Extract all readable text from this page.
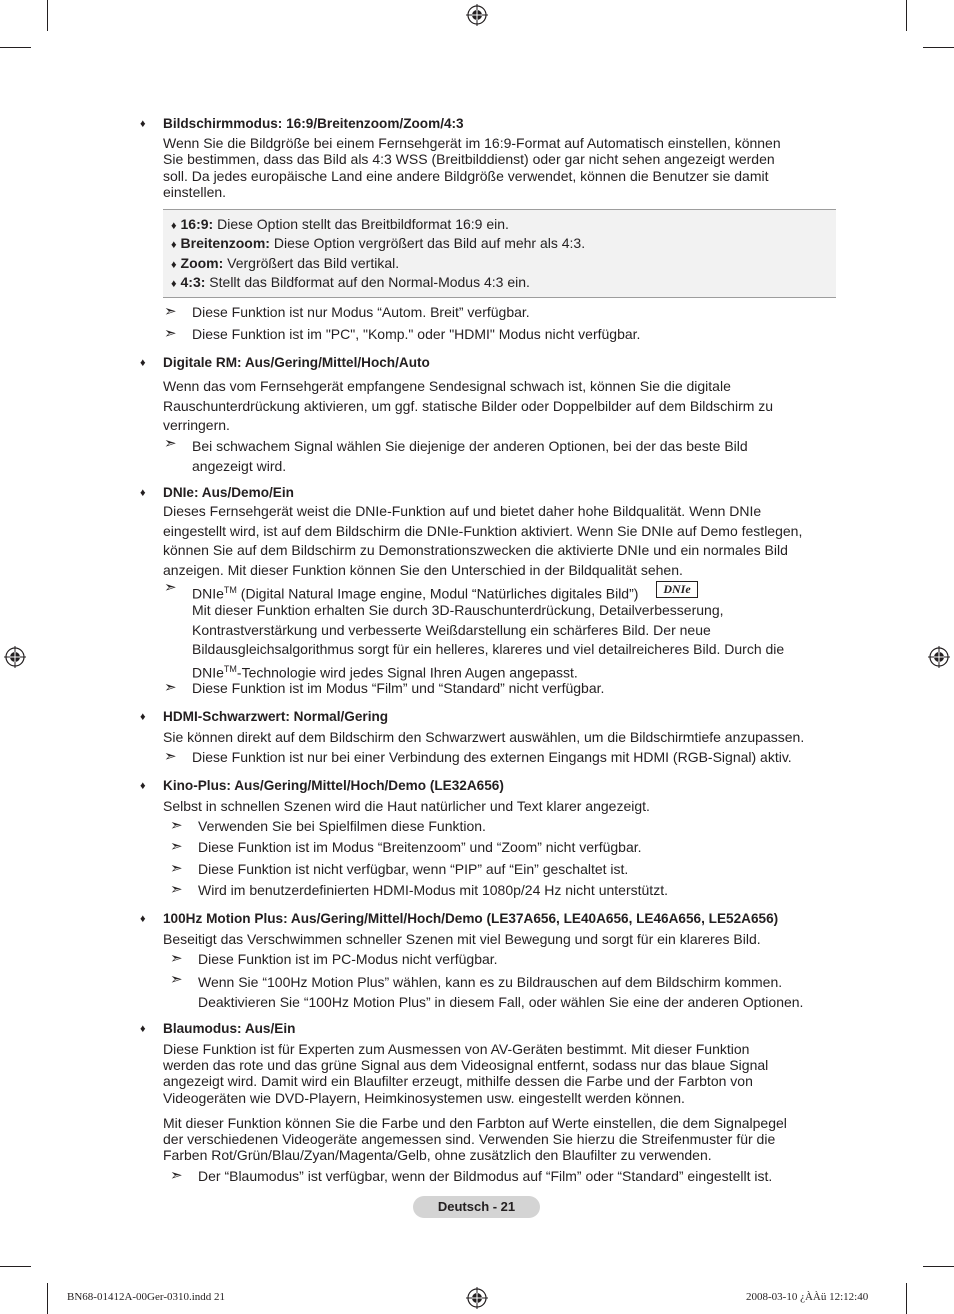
♦ Bildschirmmodus: 16:9/Breitenzoom/Zoom/4:3

Wenn Sie die Bildgröße bei einem Fernsehgerät im 16:9-Format auf Automatisch einstellen, können

Sie bestimmen, dass das Bild als 4:3 WSS (Breitbilddienst) oder gar nicht sehen angezeigt werden

soll. Da jedes europäische Land eine andere Bildgröße verwendet, können die Benutzer sie damit

einstellen.

♦ 16:9: Diese Option stellt das Breitbildformat 16:9 ein.
♦ Breitenzoom: Diese Option vergrößert das Bild auf mehr als 4:3.
♦ Zoom: Vergrößert das Bild vertikal.
♦ 4:3: Stellt das Bildformat auf den Normal-Modus 4:3 ein.
➣ Diese Funktion ist nur Modus “Autom. Breit” verfügbar.
➣ Diese Funktion ist im "PC", "Komp." oder "HDMI" Modus nicht verfügbar.
♦ Digitale RM: Aus/Gering/Mittel/Hoch/Auto

Wenn das vom Fernsehgerät empfangene Sendesignal schwach ist, können Sie die digitale

Rauschunterdrückung aktivieren, um ggf. statische Bilder oder Doppelbilder auf dem Bildschirm zu

verringern.

➣ Bei schwachem Signal wählen Sie diejenige der anderen Optionen, bei der das beste Bild
angezeigt wird.
♦ DNIe: Aus/Demo/Ein

Dieses Fernsehgerät weist die DNIe-Funktion auf und bietet daher hohe Bildqualität. Wenn DNIe

eingestellt wird, ist auf dem Bildschirm die DNIe-Funktion aktiviert. Wenn Sie DNIe auf Demo festlegen,

können Sie auf dem Bildschirm zu Demonstrationszwecken die aktivierte DNIe und ein normales Bild

anzeigen. Mit dieser Funktion können Sie den Unterschied in der Bildqualität sehen.

➣ DNIe™ (Digital Natural Image engine, Modul “Natürliches digitales Bild”)
Mit dieser Funktion erhalten Sie durch 3D-Rauschunterdrückung, Detailverbesserung,
Kontrastverstärkung und verbesserte Weißdarstellung ein schärferes Bild. Der neue
Bildausgleichsalgorithmus sorgt für ein helleres, klareres und viel detailreicheres Bild. Durch die
DNIe™-Technologie wird jedes Signal Ihren Augen angepasst.
DNIe
➣ Diese Funktion ist im Modus “Film” und “Standard” nicht verfügbar.
♦ HDMI-Schwarzwert: Normal/Gering

Sie können direkt auf dem Bildschirm den Schwarzwert auswählen, um die Bildschirmtiefe anzupassen.

➣ Diese Funktion ist nur bei einer Verbindung des externen Eingangs mit HDMI (RGB-Signal) aktiv.
♦ Kino-Plus: Aus/Gering/Mittel/Hoch/Demo (LE32A656)

Selbst in schnellen Szenen wird die Haut natürlicher und Text klarer angezeigt.

➣ Verwenden Sie bei Spielfilmen diese Funktion.
➣ Diese Funktion ist im Modus “Breitenzoom” und “Zoom” nicht verfügbar.
➣ Diese Funktion ist nicht verfügbar, wenn “PIP” auf “Ein” geschaltet ist.
➣ Wird im benutzerdefinierten HDMI-Modus mit 1080p/24 Hz nicht unterstützt.
♦ 100Hz Motion Plus: Aus/Gering/Mittel/Hoch/Demo (LE37A656, LE40A656, LE46A656, LE52A656)

Beseitigt das Verschwimmen schneller Szenen mit viel Bewegung und sorgt für ein klareres Bild.

➣ Diese Funktion ist im PC-Modus nicht verfügbar.
➣ Wenn Sie “100Hz Motion Plus” wählen, kann es zu Bildrauschen auf dem Bildschirm kommen.
Deaktivieren Sie “100Hz Motion Plus” in diesem Fall, oder wählen Sie eine der anderen Optionen.
♦ Blaumodus: Aus/Ein

Diese Funktion ist für Experten zum Ausmessen von AV-Geräten bestimmt. Mit dieser Funktion

werden das rote und das grüne Signal aus dem Videosignal entfernt, sodass nur das blaue Signal

angezeigt wird. Damit wird ein Blaufilter erzeugt, mithilfe dessen die Farbe und der Farbton von

Videogeräten wie DVD-Playern, Heimkinosystemen usw. eingestellt werden können.

Mit dieser Funktion können Sie die Farbe und den Farbton auf Werte einstellen, die dem Signalpegel

der verschiedenen Videogeräte angemessen sind. Verwenden Sie hierzu die Streifenmuster für die

Farben Rot/Grün/Blau/Zyan/Magenta/Gelb, ohne zusätzlich den Blaufilter zu verwenden.

➣ Der “Blaumodus” ist verfügbar, wenn der Bildmodus auf “Film” oder “Standard” eingestellt ist.
Deutsch - 21
BN68-01412A-00Ger-0310.indd 21	2008-03-10 ¿ÀÀü 12:12:40
